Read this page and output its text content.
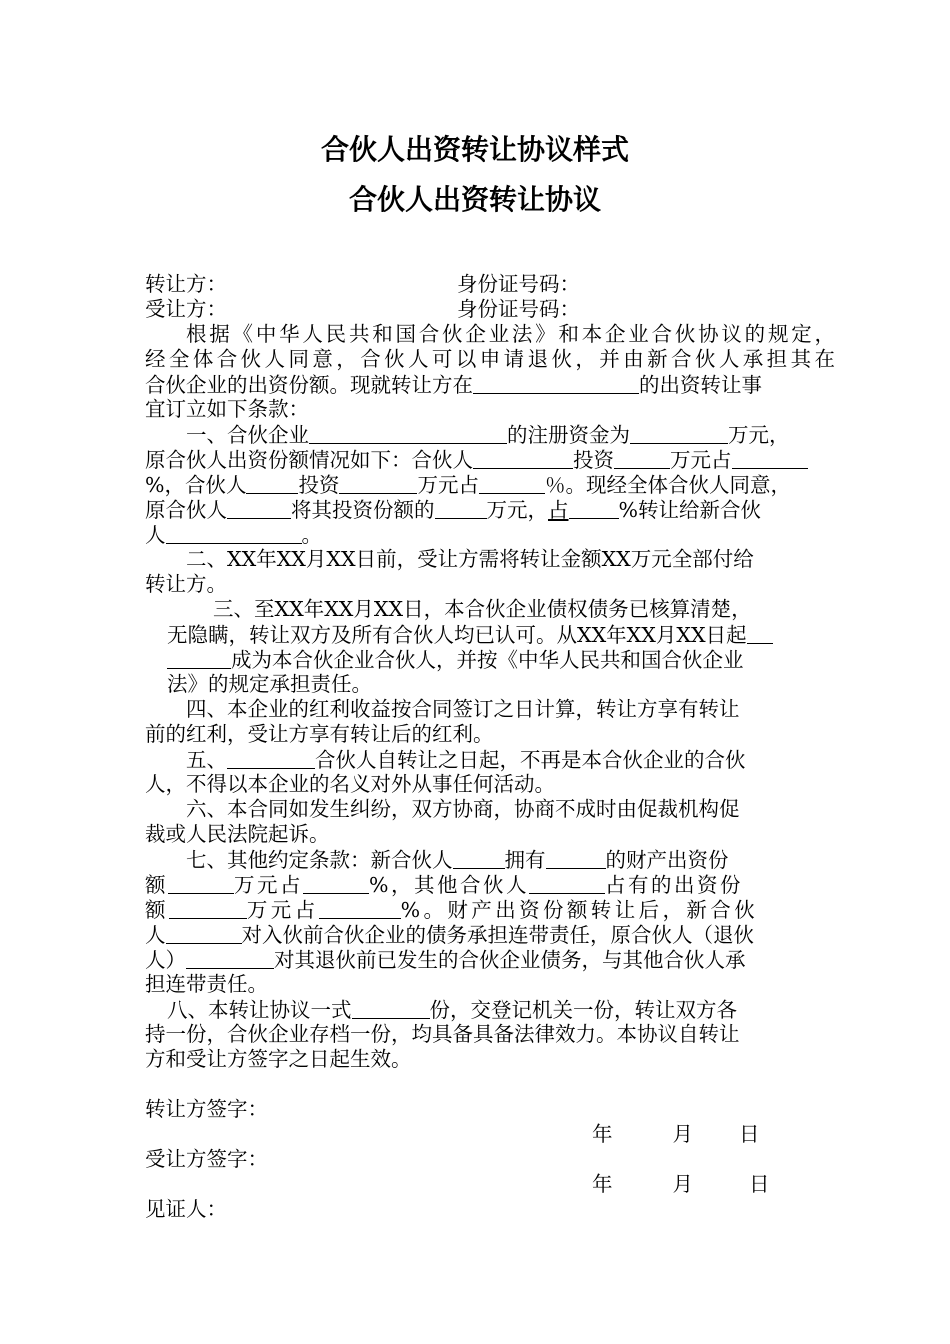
合伙人出资转让协议样式
合伙人出资转让协议
转让方：	身份证号码：
受让方：	身份证号码：
根据《中华人民共和国合伙企业法》和本企业合伙协议的规定，
经全体合伙人同意，合伙人可以申请退伙，并由新合伙人承担其在
合伙企业的出资份额。现就转让方在	的出资转让事
宜订立如下条款：
一、合伙企业	的注册资金为	万元，
原合伙人出资份额情况如下：合伙人	投资	万元占
%，合伙人	投资	万元占	％。现经全体合伙人同意，
原合伙人	将其投资份额的	万元，占 %转让给新合伙
人	。
二、XX年XX月XX日前，受让方需将转让金额XX万元全部付给
转让方。
三、至XX年XX月XX日，本合伙企业债权债务已核算清楚，
无隐瞒，转让双方及所有合伙人均已认可。从XX年XX月XX日起
成为本合伙企业合伙人，并按《中华人民共和国合伙企业
法》的规定承担责任。
四、本企业的红利收益按合同签订之日计算，转让方享有转让
前的红利，受让方享有转让后的红利。
五、	合伙人自转让之日起，不再是本合伙企业的合伙
人，不得以本企业的名义对外从事任何活动。
六、本合同如发生纠纷，双方协商，协商不成时由促裁机构促
裁或人民法院起诉。
七、其他约定条款：新合伙人	拥有	的财产出资份
额	万元占	%，其他合伙人	占有的出资份
额	万元占	%。财产出资份额转让后，新合伙
人	对入伙前合伙企业的债务承担连带责任，原合伙人（退伙
人）	对其退伙前已发生的合伙企业债务，与其他合伙人承
担连带责任。
八、本转让协议一式	份，交登记机关一份，转让双方各
持一份，合伙企业存档一份，均具备具备法律效力。本协议自转让
方和受让方签字之日起生效。
转让方签字：
年	月 日
受让方签字：
年	月	日
见证人：
